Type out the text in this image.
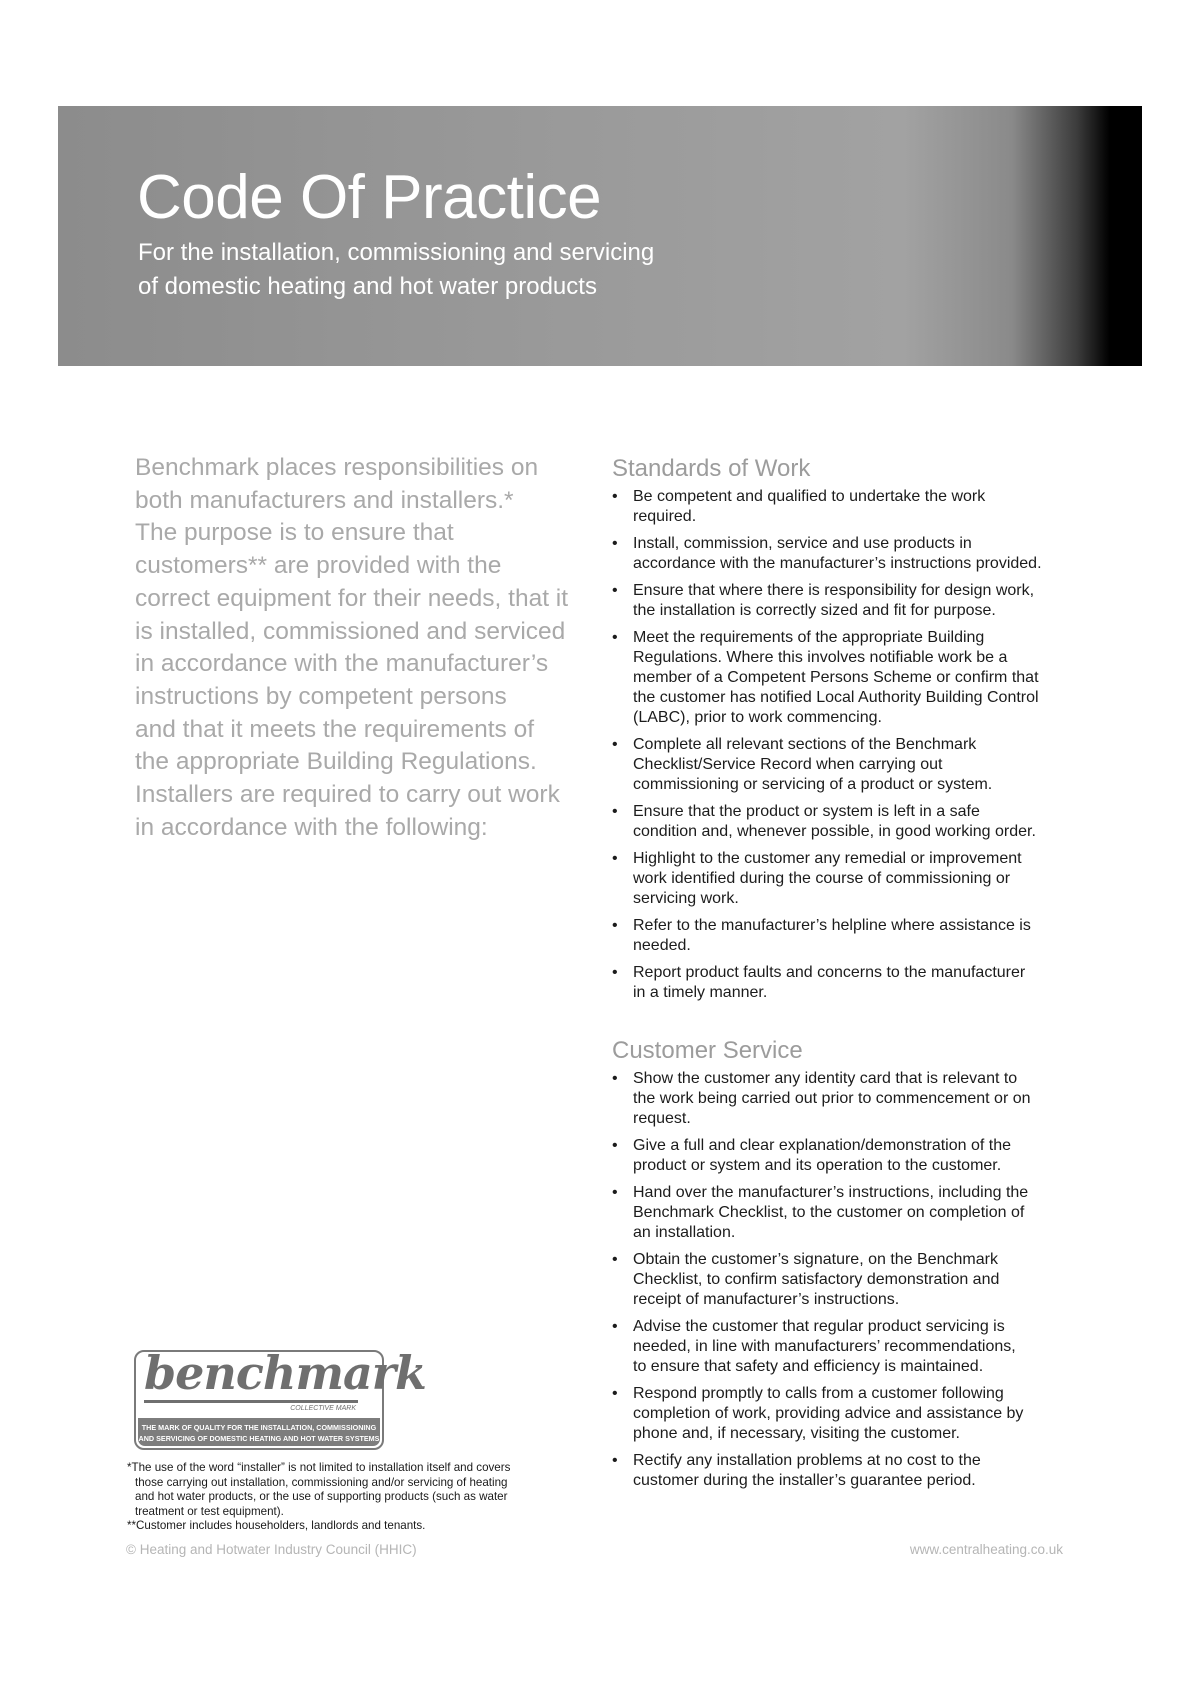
Code Of Practice
For the installation, commissioning and servicing
of domestic heating and hot water products
Benchmark places responsibilities on
both manufacturers and installers.*
The purpose is to ensure that
customers** are provided with the
correct equipment for their needs, that it
is installed, commissioned and serviced
in accordance with the manufacturer’s
instructions by competent persons
and that it meets the requirements of
the appropriate Building Regulations.
Installers are required to carry out work
in accordance with the following:
Standards of Work
• Be competent and qualified to undertake the work
required.
• Install, commission, service and use products in
accordance with the manufacturer’s instructions provided.
• Ensure that where there is responsibility for design work,
the installation is correctly sized and fit for purpose.
• Meet the requirements of the appropriate Building
Regulations. Where this involves notifiable work be a
member of a Competent Persons Scheme or confirm that
the customer has notified Local Authority Building Control
(LABC), prior to work commencing.
• Complete all relevant sections of the Benchmark
Checklist/Service Record when carrying out
commissioning or servicing of a product or system.
• Ensure that the product or system is left in a safe
condition and, whenever possible, in good working order.
• Highlight to the customer any remedial or improvement
work identified during the course of commissioning or
servicing work.
• Refer to the manufacturer’s helpline where assistance is
needed.
• Report product faults and concerns to the manufacturer
in a timely manner.
Customer Service
• Show the customer any identity card that is relevant to
the work being carried out prior to commencement or on
request.
• Give a full and clear explanation/demonstration of the
product or system and its operation to the customer.
• Hand over the manufacturer’s instructions, including the
Benchmark Checklist, to the customer on completion of
an installation.
• Obtain the customer’s signature, on the Benchmark
Checklist, to confirm satisfactory demonstration and
receipt of manufacturer’s instructions.
• Advise the customer that regular product servicing is
needed, in line with manufacturers’ recommendations,
to ensure that safety and efficiency is maintained.
• Respond promptly to calls from a customer following
completion of work, providing advice and assistance by
phone and, if necessary, visiting the customer.
• Rectify any installation problems at no cost to the
customer during the installer’s guarantee period.
benchmark
COLLECTIVE MARK
THE MARK OF QUALITY FOR THE INSTALLATION, COMMISSIONING
AND SERVICING OF DOMESTIC HEATING AND HOT WATER SYSTEMS
*The use of the word “installer” is not limited to installation itself and covers
those carrying out installation, commissioning and/or servicing of heating
and hot water products, or the use of supporting products (such as water
treatment or test equipment).
**Customer includes householders, landlords and tenants.
© Heating and Hotwater Industry Council (HHIC)	www.centralheating.co.uk
